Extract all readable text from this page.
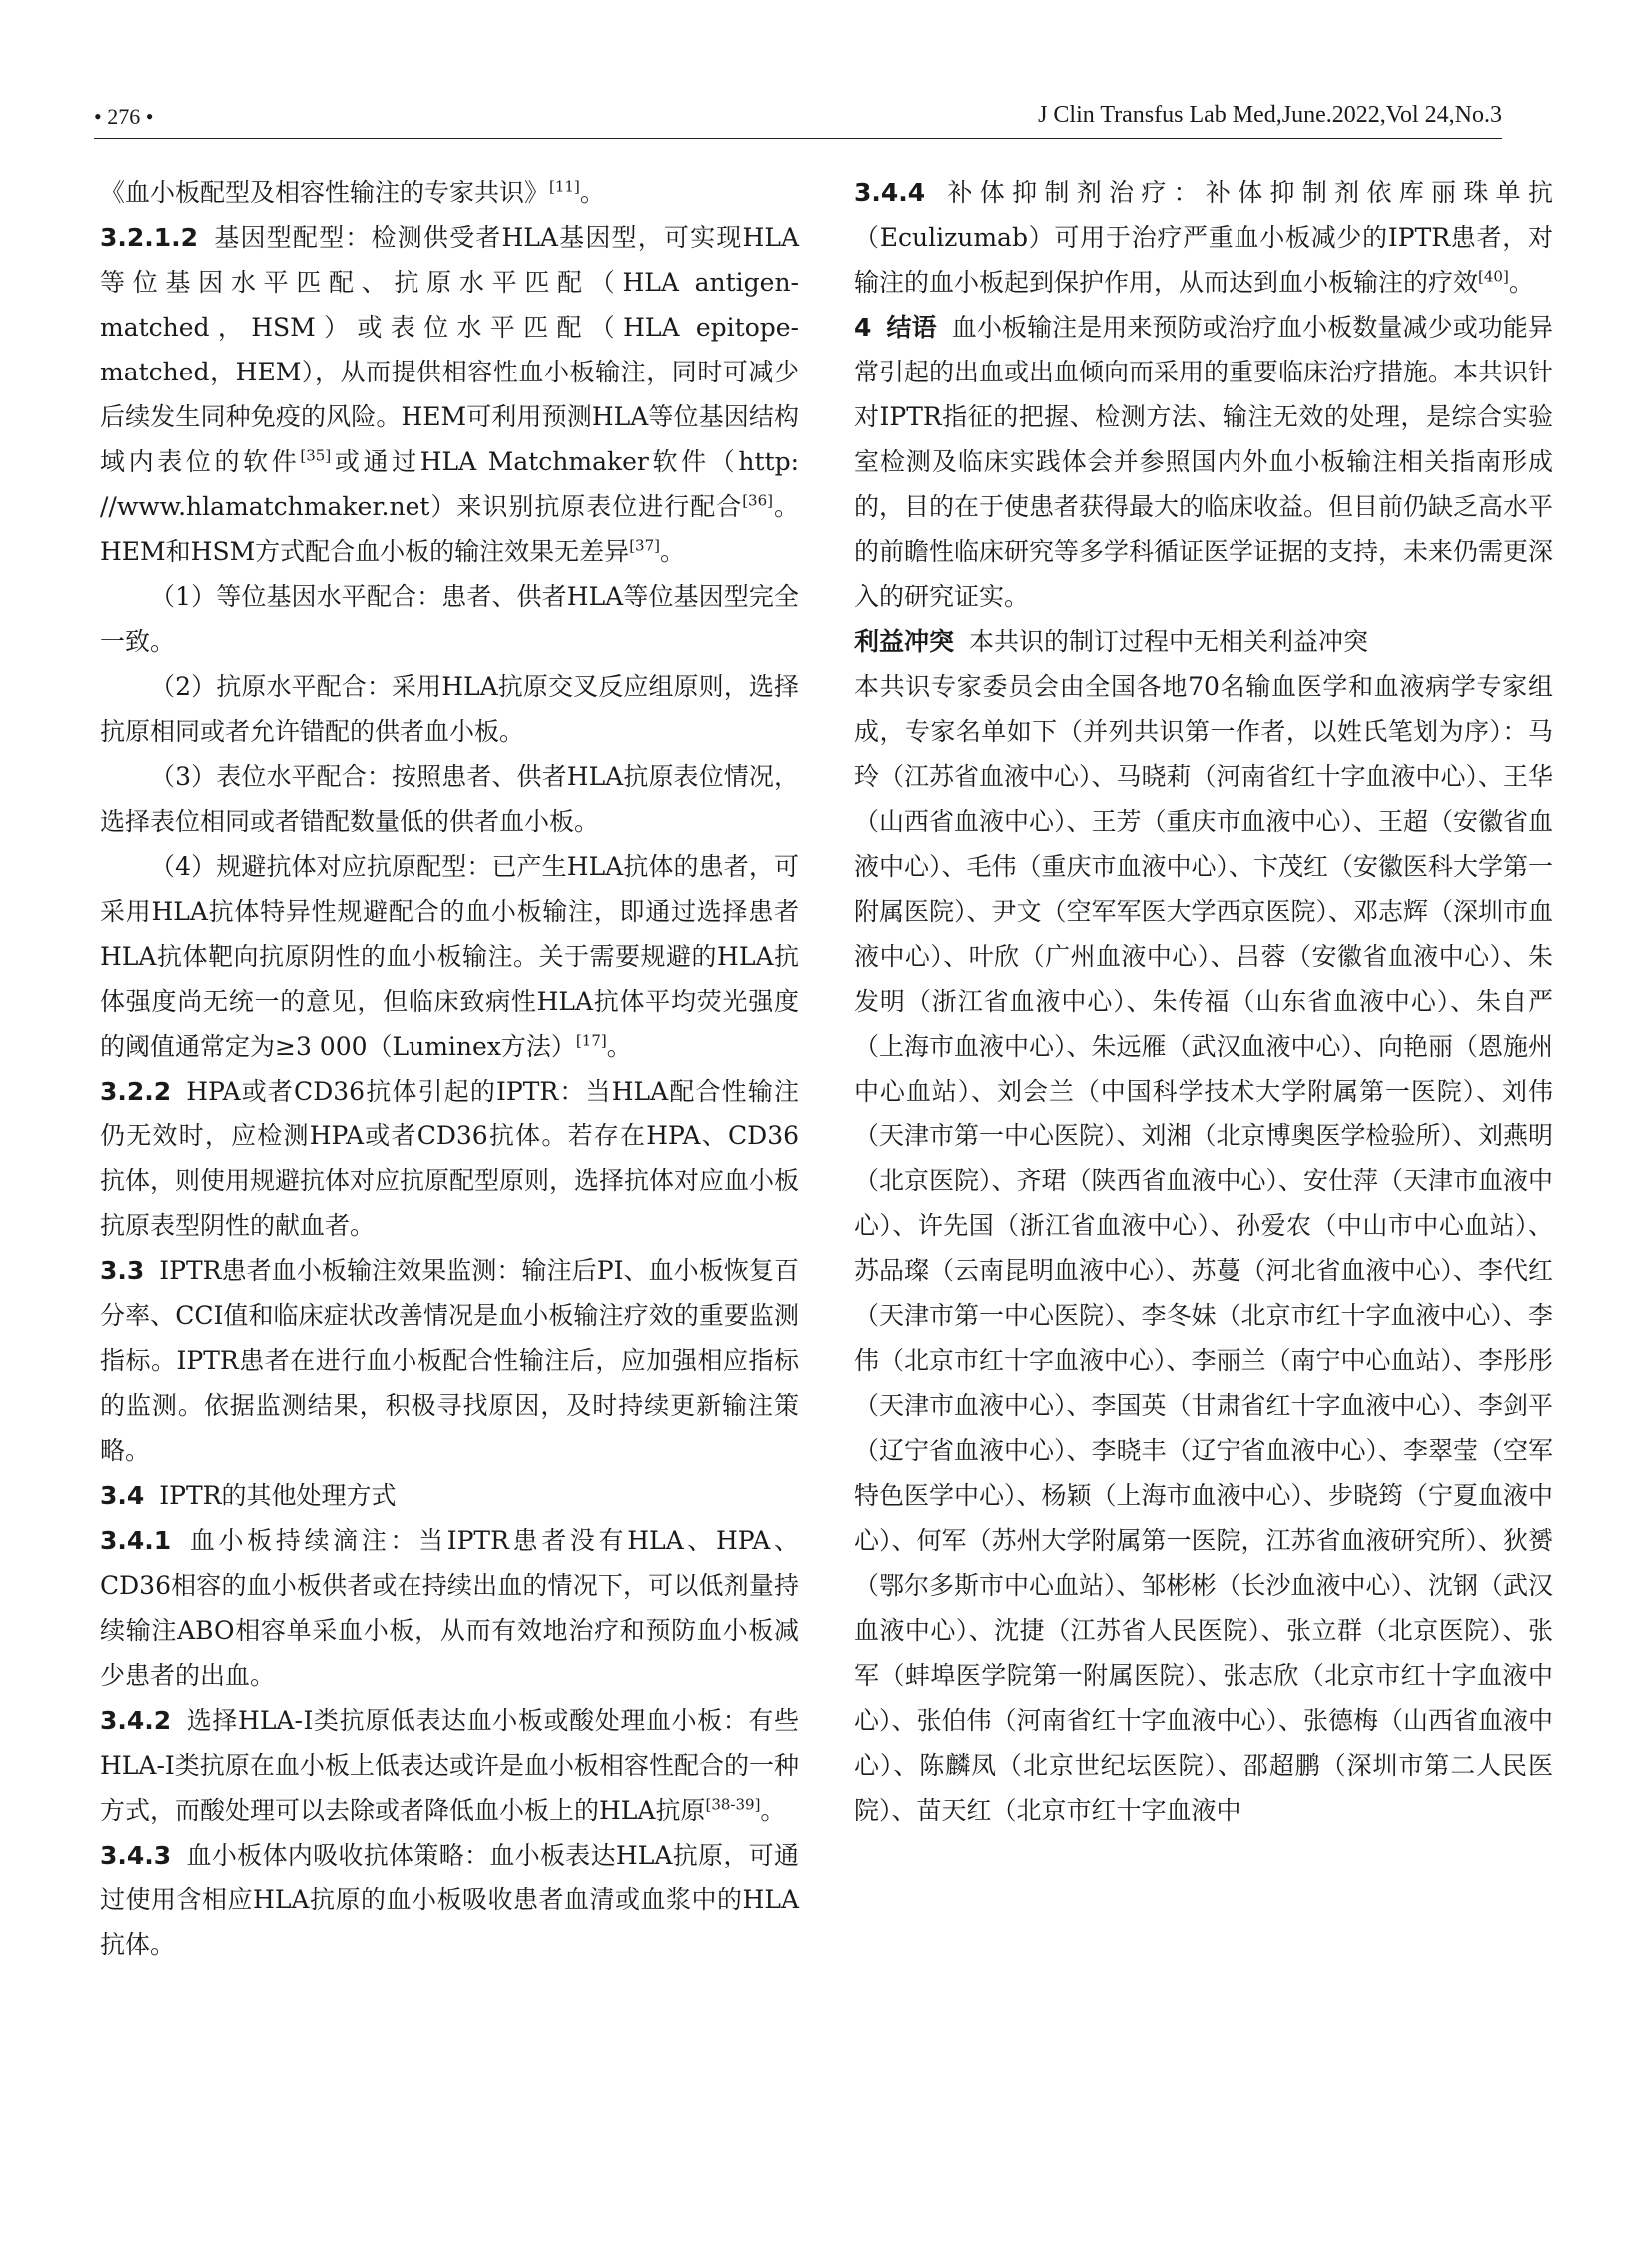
• 276 •	J Clin Transfus Lab Med,June.2022,Vol 24,No.3

《血小板配型及相容性输注的专家共识》[11]。

3.2.1.2 基因型配型：检测供受者HLA基因型，可实现HLA等位基因水平匹配、抗原水平匹配（HLA antigen-matched，HSM）或表位水平匹配（HLA epitope-matched，HEM），从而提供相容性血小板输注，同时可减少后续发生同种免疫的风险。HEM可利用预测HLA等位基因结构域内表位的软件[35]或通过HLA Matchmaker软件（http: //www.hlamatchmaker.net）来识别抗原表位进行配合[36]。HEM和HSM方式配合血小板的输注效果无差异[37]。

（1）等位基因水平配合：患者、供者HLA等位基因型完全一致。

（2）抗原水平配合：采用HLA抗原交叉反应组原则，选择抗原相同或者允许错配的供者血小板。

（3）表位水平配合：按照患者、供者HLA抗原表位情况，选择表位相同或者错配数量低的供者血小板。

（4）规避抗体对应抗原配型：已产生HLA抗体的患者，可采用HLA抗体特异性规避配合的血小板输注，即通过选择患者HLA抗体靶向抗原阴性的血小板输注。关于需要规避的HLA抗体强度尚无统一的意见，但临床致病性HLA抗体平均荧光强度的阈值通常定为≥3 000（Luminex方法）[17]。

3.2.2 HPA或者CD36抗体引起的IPTR：当HLA配合性输注仍无效时，应检测HPA或者CD36抗体。若存在HPA、CD36抗体，则使用规避抗体对应抗原配型原则，选择抗体对应血小板抗原表型阴性的献血者。

3.3 IPTR患者血小板输注效果监测：输注后PI、血小板恢复百分率、CCI值和临床症状改善情况是血小板输注疗效的重要监测指标。IPTR患者在进行血小板配合性输注后，应加强相应指标的监测。依据监测结果，积极寻找原因，及时持续更新输注策略。

3.4 IPTR的其他处理方式

3.4.1 血小板持续滴注：当IPTR患者没有HLA、HPA、CD36相容的血小板供者或在持续出血的情况下，可以低剂量持续输注ABO相容单采血小板，从而有效地治疗和预防血小板减少患者的出血。

3.4.2 选择HLA-Ⅰ类抗原低表达血小板或酸处理血小板：有些HLA-Ⅰ类抗原在血小板上低表达或许是血小板相容性配合的一种方式，而酸处理可以去除或者降低血小板上的HLA抗原[38-39]。

3.4.3 血小板体内吸收抗体策略：血小板表达HLA抗原，可通过使用含相应HLA抗原的血小板吸收患者血清或血浆中的HLA抗体。

3.4.4 补体抑制剂治疗：补体抑制剂依库丽珠单抗（Eculizumab）可用于治疗严重血小板减少的IPTR患者，对输注的血小板起到保护作用，从而达到血小板输注的疗效[40]。

4 结语 血小板输注是用来预防或治疗血小板数量减少或功能异常引起的出血或出血倾向而采用的重要临床治疗措施。本共识针对IPTR指征的把握、检测方法、输注无效的处理，是综合实验室检测及临床实践体会并参照国内外血小板输注相关指南形成的，目的在于使患者获得最大的临床收益。但目前仍缺乏高水平的前瞻性临床研究等多学科循证医学证据的支持，未来仍需更深入的研究证实。

利益冲突 本共识的制订过程中无相关利益冲突

本共识专家委员会由全国各地70名输血医学和血液病学专家组成，专家名单如下（并列共识第一作者，以姓氏笔划为序）：马玲（江苏省血液中心）、马晓莉（河南省红十字血液中心）、王华（山西省血液中心）、王芳（重庆市血液中心）、王超（安徽省血液中心）、毛伟（重庆市血液中心）、卞茂红（安徽医科大学第一附属医院）、尹文（空军军医大学西京医院）、邓志辉（深圳市血液中心）、叶欣（广州血液中心）、吕蓉（安徽省血液中心）、朱发明（浙江省血液中心）、朱传福（山东省血液中心）、朱自严（上海市血液中心）、朱远雁（武汉血液中心）、向艳丽（恩施州中心血站）、刘会兰（中国科学技术大学附属第一医院）、刘伟（天津市第一中心医院）、刘湘（北京博奥医学检验所）、刘燕明（北京医院）、齐珺（陕西省血液中心）、安仕萍（天津市血液中心）、许先国（浙江省血液中心）、孙爱农（中山市中心血站）、苏品璨（云南昆明血液中心）、苏蔓（河北省血液中心）、李代红（天津市第一中心医院）、李冬妹（北京市红十字血液中心）、李伟（北京市红十字血液中心）、李丽兰（南宁中心血站）、李彤彤（天津市血液中心）、李国英（甘肃省红十字血液中心）、李剑平（辽宁省血液中心）、李晓丰（辽宁省血液中心）、李翠莹（空军特色医学中心）、杨颖（上海市血液中心）、步晓筠（宁夏血液中心）、何军（苏州大学附属第一医院，江苏省血液研究所）、狄赟（鄂尔多斯市中心血站）、邹彬彬（长沙血液中心）、沈钢（武汉血液中心）、沈捷（江苏省人民医院）、张立群（北京医院）、张军（蚌埠医学院第一附属医院）、张志欣（北京市红十字血液中心）、张伯伟（河南省红十字血液中心）、张德梅（山西省血液中心）、陈麟凤（北京世纪坛医院）、邵超鹏（深圳市第二人民医院）、苗天红（北京市红十字血液中
